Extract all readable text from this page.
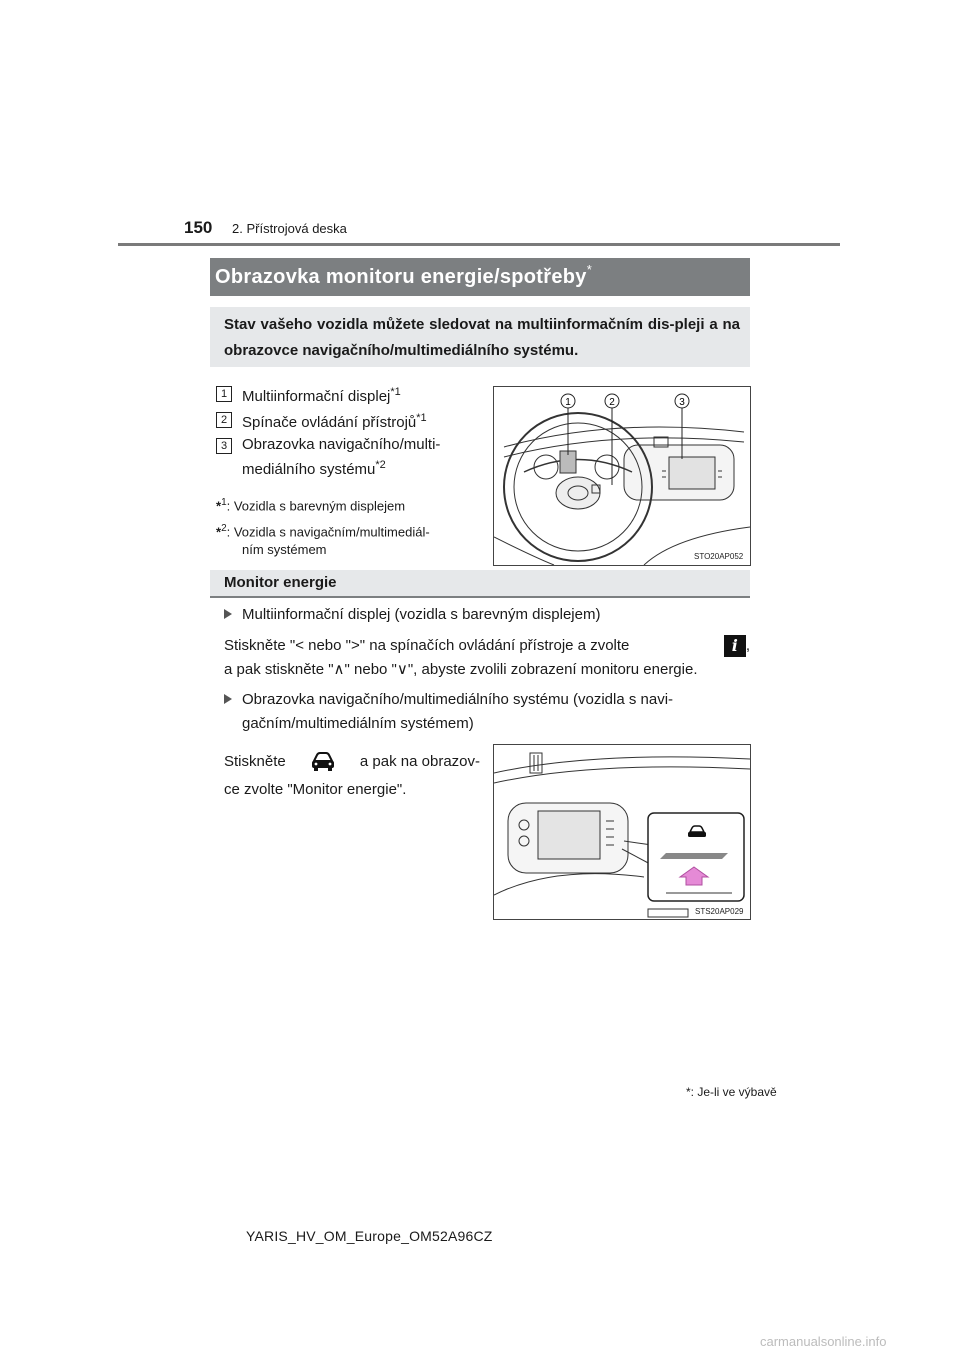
150 2. Přístrojová deska
Obrazovka monitoru energie/spotřeby*
Stav vašeho vozidla můžete sledovat na multiinformačním dis-pleji a na obrazovce navigačního/multimediálního systému.
1 Multiinformační displej$^{*1}$
2 Spínače ovládání přístrojů$^{*1}$
3 Obrazovka navigačního/multi-
mediálního systému$^{*2}$
*$^1$: Vozidla s barevným displejem
*$^2$: Vozidla s navigačním/multimediál-
ním systémem
1	2	3
STO20AP052
Monitor energie
Multiinformační displej (vozidla s barevným displejem)
Stiskněte "< nebo ">" na spínačích ovládání přístroje a zvolte	i ,
a pak stiskněte "∧" nebo "∨", abyste zvolili zobrazení monitoru energie.
Obrazovka navigačního/multimediálního systému (vozidla s navi-
gačním/multimediálním systémem)
Stiskněte	a pak na obrazov-
ce zvolte "Monitor energie".
STS20AP029
*: Je-li ve výbavě
YARIS_HV_OM_Europe_OM52A96CZ
carmanualsonline.info
